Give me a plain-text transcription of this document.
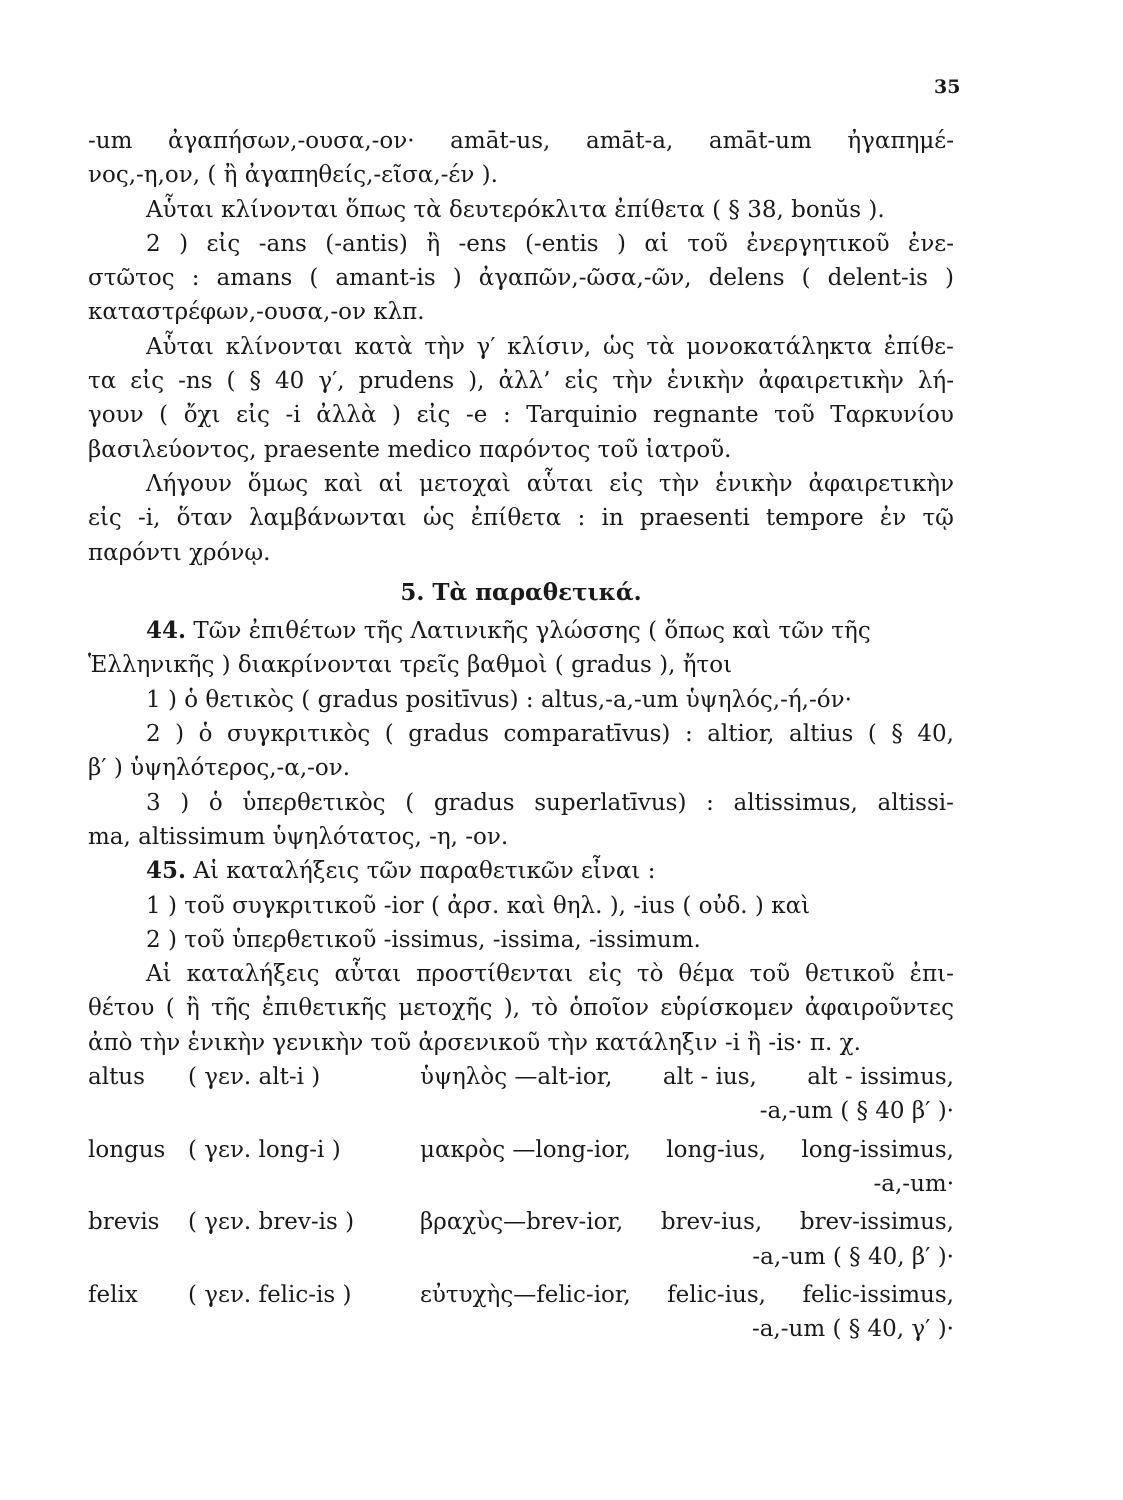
35
-um ἀγαπήσων,-ουσα,-ον· amāt-us, amāt-a, amāt-um ἠγαπημέ-
νος,-η,ον, ( ἢ ἀγαπηθείς,-εῖσα,-έν ).
Αὗται κλίνονται ὅπως τὰ δευτερόκλιτα ἐπίθετα ( § 38, bonŭs ).
2 ) εἰς -ans (-antis) ἢ -ens (-entis ) αἱ τοῦ ἐνεργητικοῦ ἐνε-
στῶτος : amans ( amant-is ) ἀγαπῶν,-ῶσα,-ῶν, delens ( delent-is )
καταστρέφων,-ουσα,-ον κλπ.
Αὗται κλίνονται κατὰ τὴν γ′ κλίσιν, ὡς τὰ μονοκατάληκτα ἐπίθε-
τα εἰς -ns ( § 40 γ′, prudens ), ἀλλ’ εἰς τὴν ἑνικὴν ἀφαιρετικὴν λή-
γουν ( ὄχι εἰς -i ἀλλὰ ) εἰς -e : Tarquinio regnante τοῦ Ταρκυνίου
βασιλεύοντος, praesente medico παρόντος τοῦ ἰατροῦ.
Λήγουν ὅμως καὶ αἱ μετοχαὶ αὗται εἰς τὴν ἑνικὴν ἀφαιρετικὴν
εἰς -i, ὅταν λαμβάνωνται ὡς ἐπίθετα : in praesenti tempore ἐν τῷ
παρόντι χρόνῳ.
5. Τὰ παραθετικά.
44. Τῶν ἐπιθέτων τῆς Λατινικῆς γλώσσης ( ὅπως καὶ τῶν τῆς
Ἑλληνικῆς ) διακρίνονται τρεῖς βαθμοὶ ( gradus ), ἤτοι
1 ) ὁ θετικὸς ( gradus positīvus) : altus,-a,-um ὑψηλός,-ή,-όν·
2 ) ὁ συγκριτικὸς ( gradus comparatīvus) : altior, altius ( § 40,
β′ ) ὑψηλότερος,-α,-ον.
3 ) ὁ ὑπερθετικὸς ( gradus superlatīvus) : altissimus, altissi-
ma, altissimum ὑψηλότατος, -η, -ον.
45. Αἱ καταλήξεις τῶν παραθετικῶν εἶναι :
1 ) τοῦ συγκριτικοῦ -ior ( ἀρσ. καὶ θηλ. ), -ius ( οὐδ. ) καὶ
2 ) τοῦ ὑπερθετικοῦ -issimus, -issima, -issimum.
Αἱ καταλήξεις αὗται προστίθενται εἰς τὸ θέμα τοῦ θετικοῦ ἐπι-
θέτου ( ἢ τῆς ἐπιθετικῆς μετοχῆς ), τὸ ὁποῖον εὑρίσκομεν ἀφαιροῦντες
ἀπὸ τὴν ἑνικὴν γενικὴν τοῦ ἀρσενικοῦ τὴν κατάληξιν -i ἢ -is· π. χ.
altus	( γεν. alt-i )	ὑψηλὸς —alt-ior, alt - ius, alt - issimus,
-a,-um ( § 40 β′ )·
longus ( γεν. long-i )	μακρὸς —long-ior, long-ius, long-issimus,
-a,-um·
brevis	( γεν. brev-is )	βραχὺς—brev-ior, brev-ius, brev-issimus,
-a,-um ( § 40, β′ )·
felix	( γεν. felic-is )	εὐτυχὴς—felic-ior, felic-ius, felic-issimus,
-a,-um ( § 40, γ′ )·
